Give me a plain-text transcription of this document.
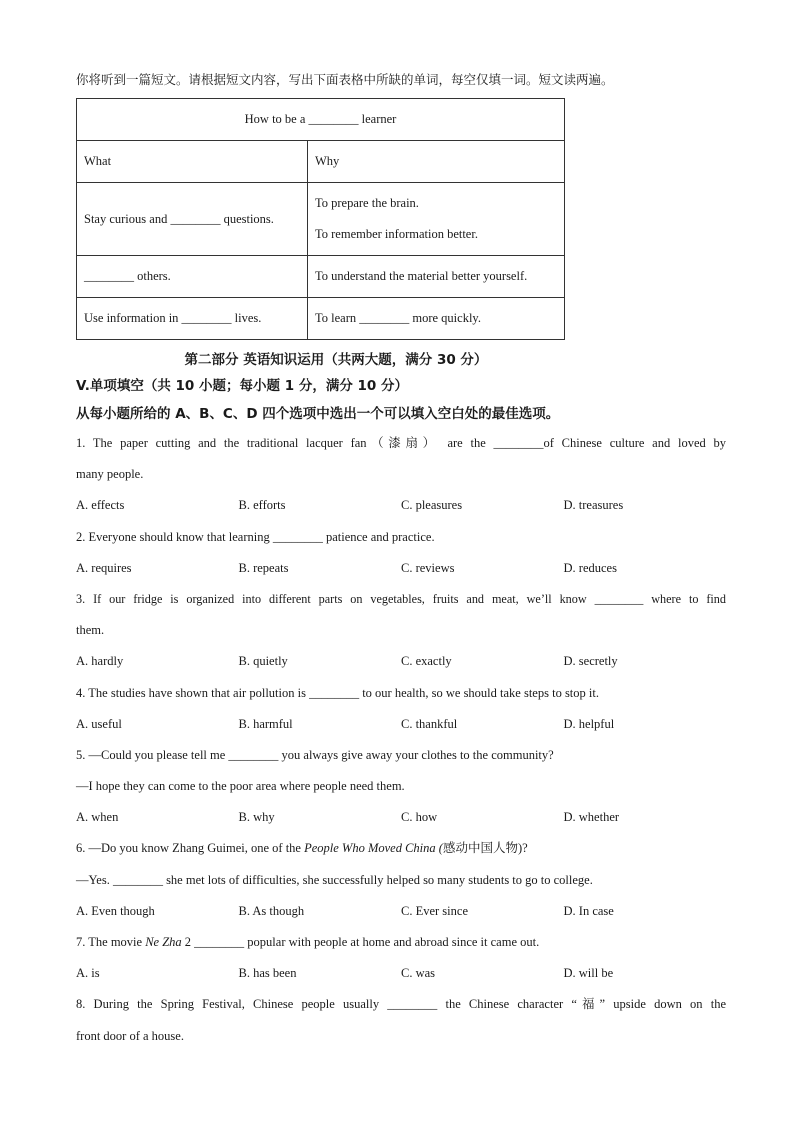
你将听到一篇短文。请根据短文内容，写出下面表格中所缺的单词，每空仅填一词。短文读两遍。
How to be a ________ learner	
What	Why
Stay curious and ________ questions.	To prepare the brain.
To remember information better.

________ others.	To understand the material better yourself.
Use information in ________ lives.	To learn ________ more quickly.
第二部分 英语知识运用（共两大题，满分 30 分）
V.单项填空（共 10 小题；每小题 1 分，满分 10 分）
从每小题所给的 A、B、C、D 四个选项中选出一个可以填入空白处的最佳选项。
1. The paper cutting and the traditional lacquer fan（漆扇） are the ________of Chinese culture and loved by
many people.
A. effects	B. efforts	C. pleasures	D. treasures
2. Everyone should know that learning ________ patience and practice.
A. requires	B. repeats	C. reviews	D. reduces
3. If our fridge is organized into different parts on vegetables, fruits and meat, we’ll know ________ where to find
them.
A. hardly	B. quietly	C. exactly	D. secretly
4. The studies have shown that air pollution is ________ to our health, so we should take steps to stop it.
A. useful	B. harmful	C. thankful	D. helpful
5. —Could you please tell me ________ you always give away your clothes to the community?
—I hope they can come to the poor area where people need them.
A. when	B. why	C. how	D. whether
6. —Do you know Zhang Guimei, one of the People Who Moved China (感动中国人物)?
—Yes. ________ she met lots of difficulties, she successfully helped so many students to go to college.
A. Even though	B. As though	C. Ever since	D. In case
7. The movie Ne Zha 2 ________ popular with people at home and abroad since it came out.
A. is	B. has been	C. was	D. will be
8. During the Spring Festival, Chinese people usually ________ the Chinese character “福” upside down on the
front door of a house.
